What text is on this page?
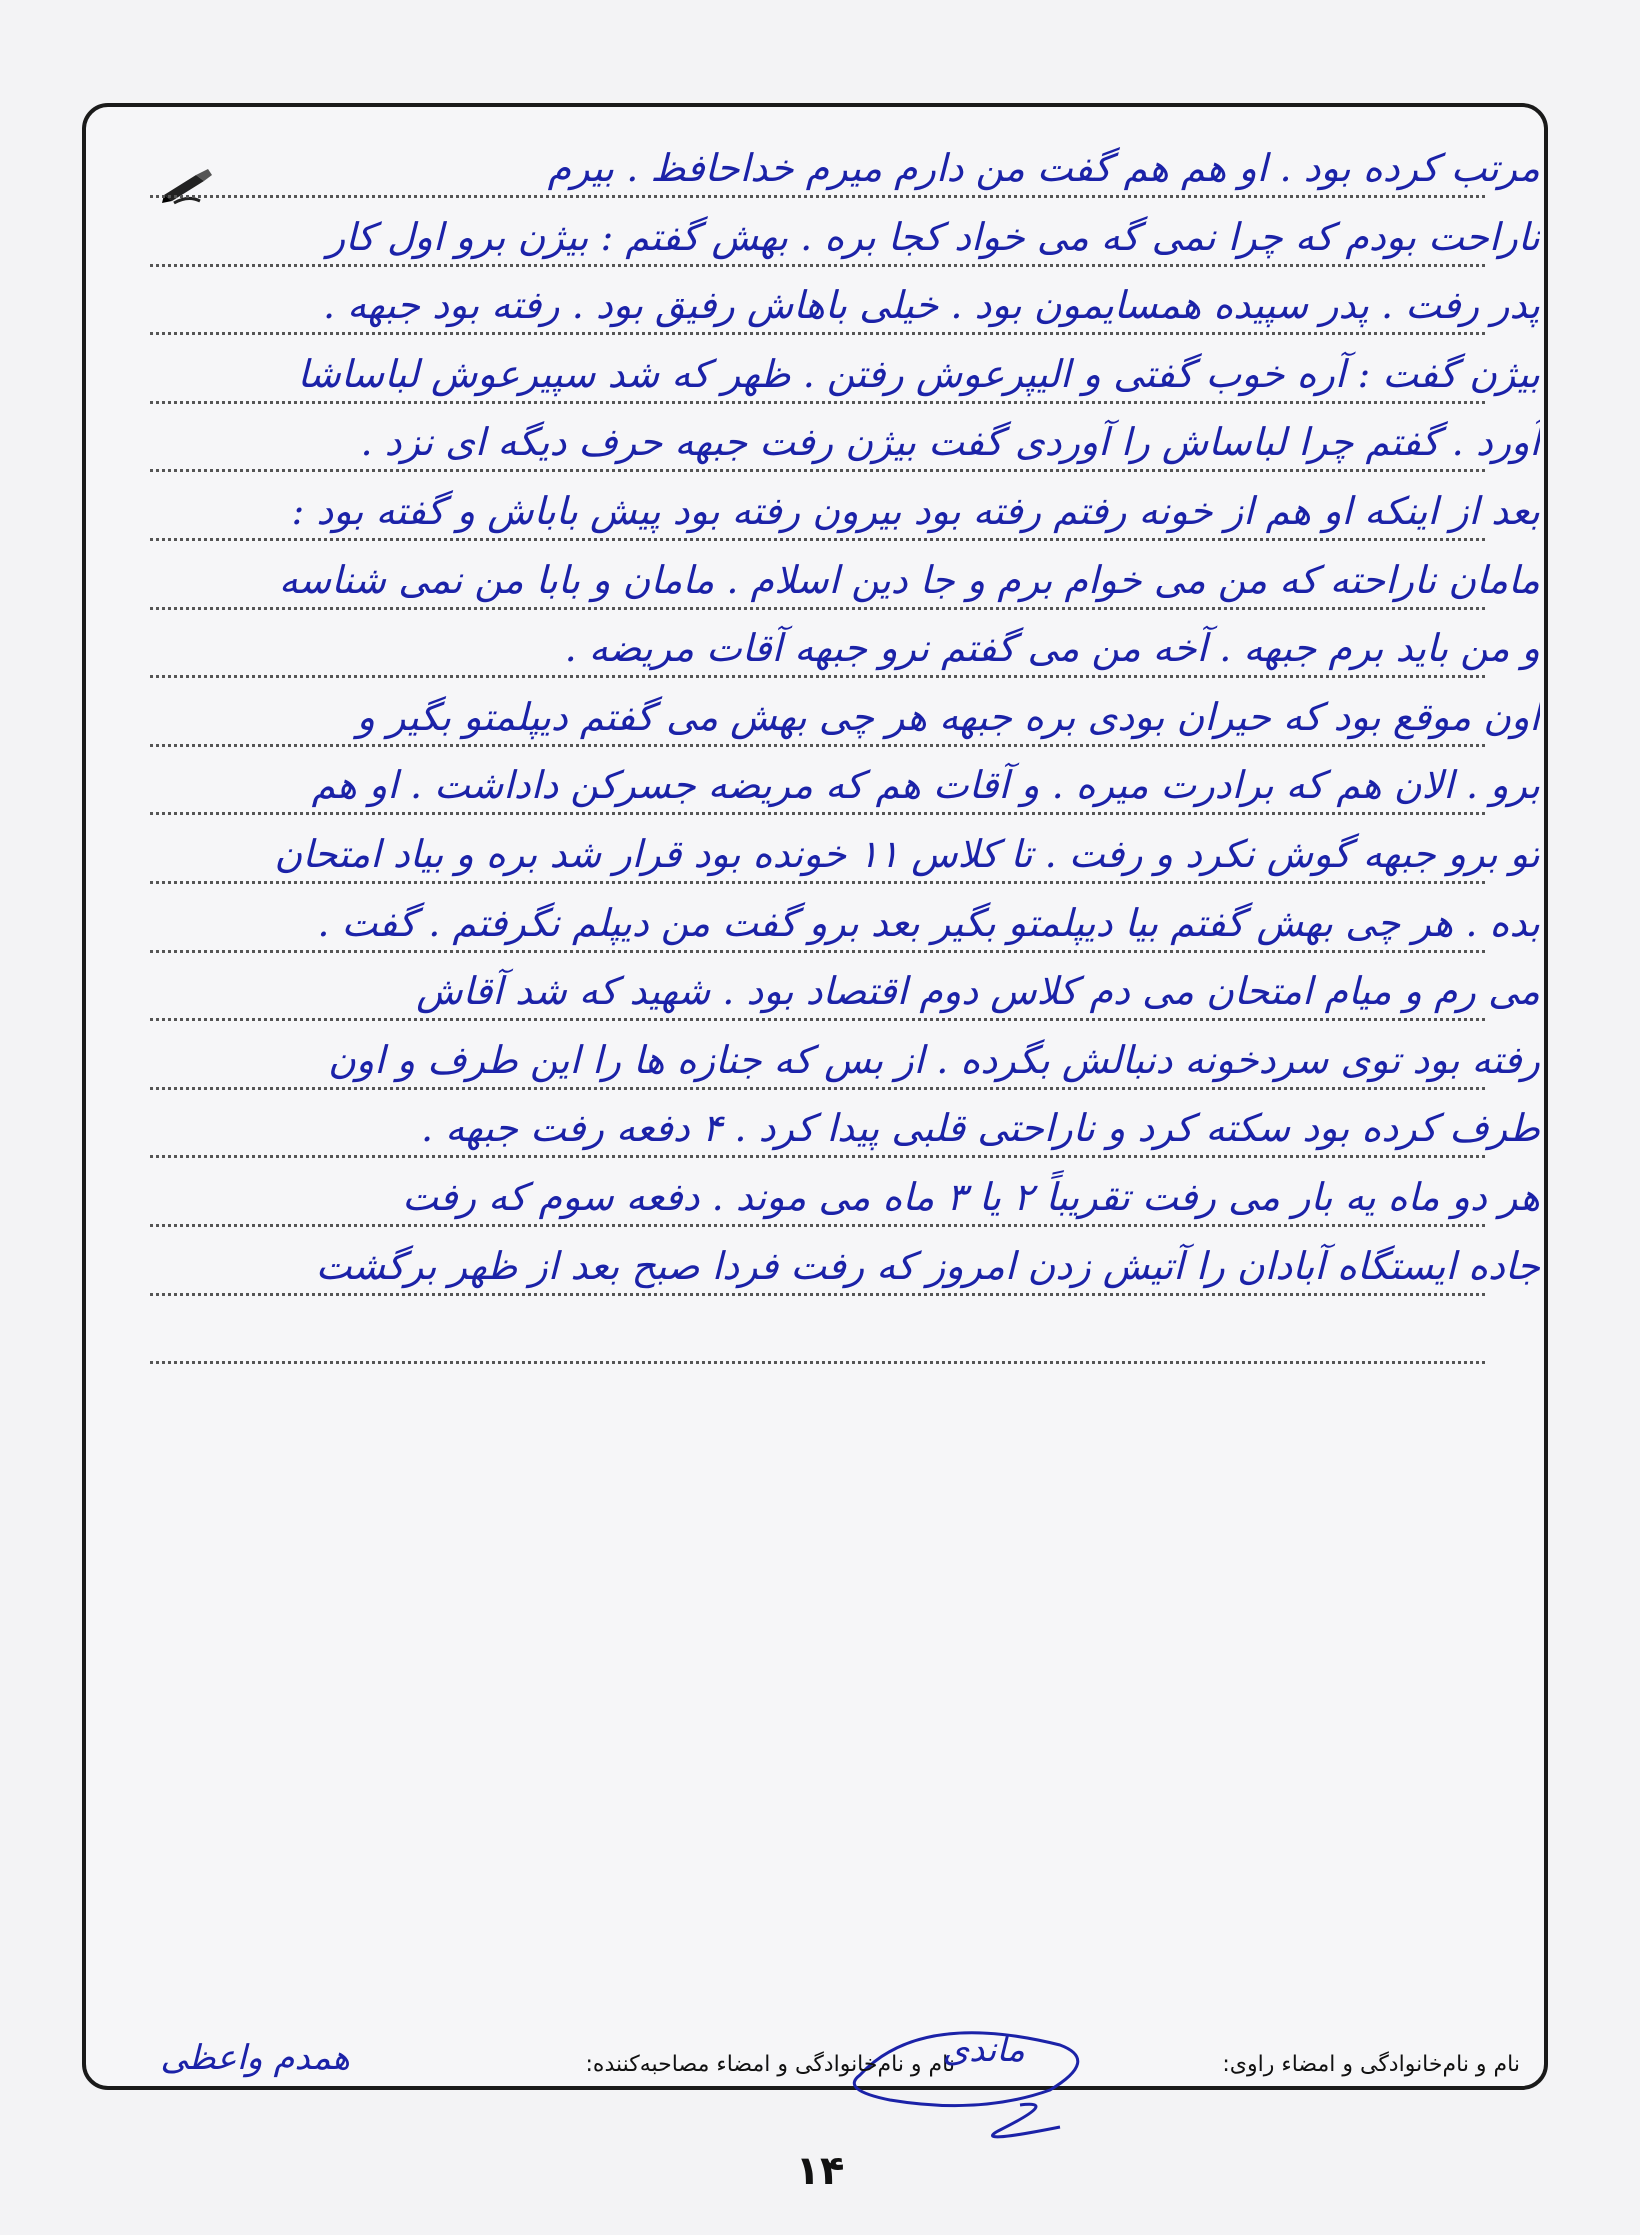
مرتب کرده بود . او هم هم گفت من دارم میرم خداحافظ . بیرم
ناراحت بودم که چرا نمی گه می خواد کجا بره . بهش گفتم : بیژن برو اول کار
پدر رفت . پدر سپیده همسایمون بود . خیلی باهاش رفیق بود . رفته بود جبهه .
بیژن گفت : آره خوب گفتی و الیپرعوش رفتن . ظهر که شد سپیرعوش لباساشا
آورد . گفتم چرا لباساش را آوردی گفت بیژن رفت جبهه حرف دیگه ای نزد .
بعد از اینکه او هم از خونه رفتم رفته بود بیرون رفته بود پیش باباش و گفته بود :
مامان ناراحته که من می خوام برم و جا دین اسلام . مامان و بابا من نمی شناسه
و من باید برم جبهه . آخه من می گفتم نرو جبهه آقات مریضه .
اون موقع بود که حیران بودی بره جبهه هر چی بهش می گفتم دیپلمتو بگیر و
برو . الان هم که برادرت میره . و آقات هم که مریضه جسرکن داداشت . او هم
تو برو جبهه گوش نکرد و رفت . تا کلاس ۱۱ خونده بود قرار شد بره و بیاد امتحان
بده . هر چی بهش گفتم بیا دیپلمتو بگیر بعد برو گفت من دیپلم نگرفتم . گفت .
می رم و میام امتحان می دم کلاس دوم اقتصاد بود . شهید که شد آقاش
رفته بود توی سردخونه دنبالش بگرده . از بس که جنازه ها را این طرف و اون
طرف کرده بود سکته کرد و ناراحتی قلبی پیدا کرد . ۴ دفعه رفت جبهه .
هر دو ماه یه بار می رفت تقریباً ۲ یا ۳ ماه می موند . دفعه سوم که رفت
جاده ایستگاه آبادان را آتیش زدن امروز که رفت فردا صبح بعد از ظهر برگشت
نام و نام‌خانوادگی و امضاء راوی:
همدم واعظی	نام و نام‌خانوادگی و امضاء مصاحبه‌کننده:
ماندی
۱۴
